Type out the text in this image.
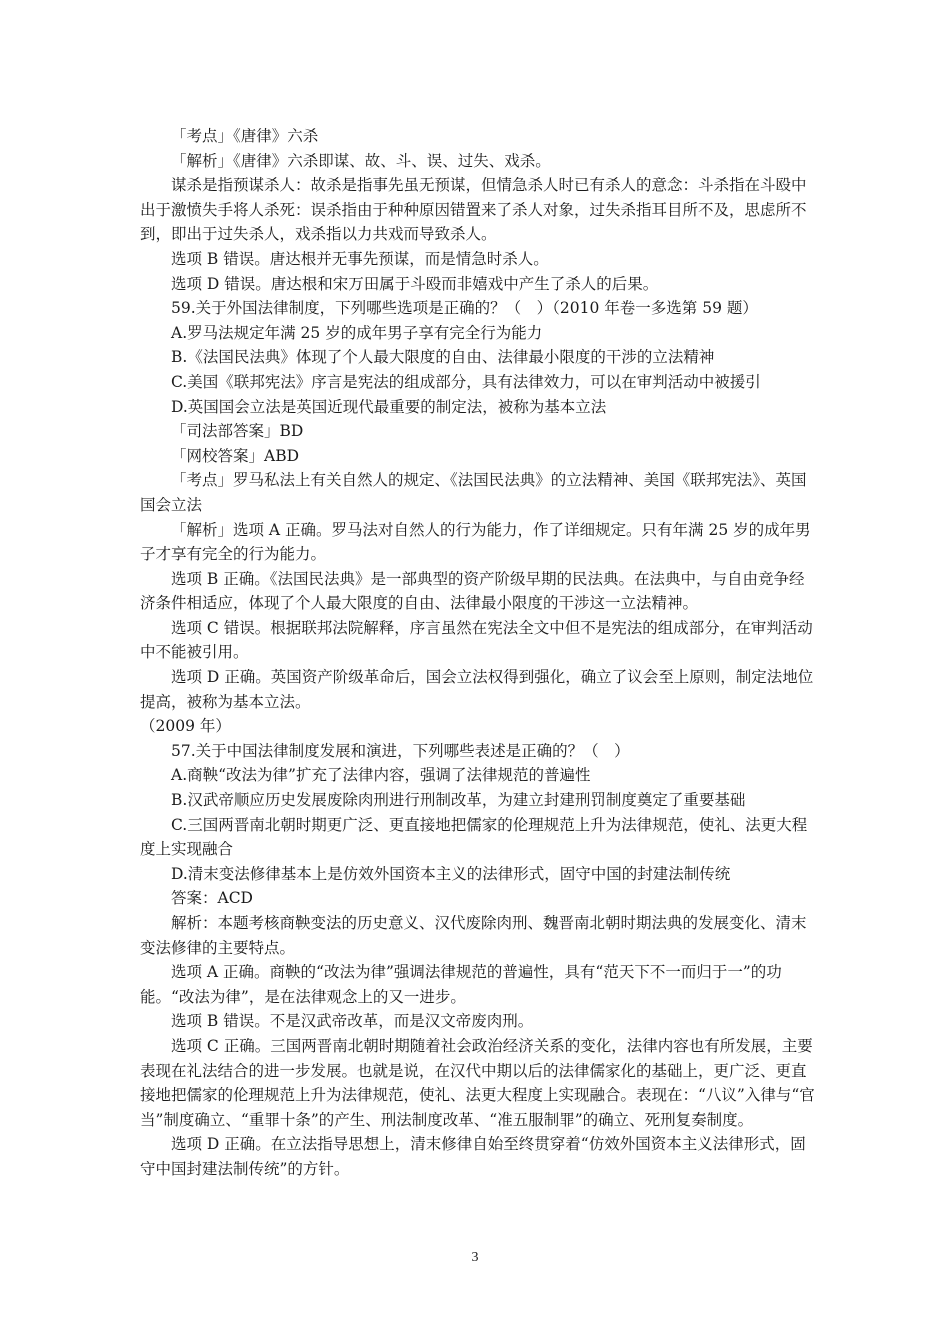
「考点」《唐律》六杀

「解析」《唐律》六杀即谋、故、斗、误、过失、戏杀。

谋杀是指预谋杀人：故杀是指事先虽无预谋，但情急杀人时已有杀人的意念：斗杀指在斗殴中出于激愤失手将人杀死：误杀指由于种种原因错置来了杀人对象，过失杀指耳目所不及，思虑所不到，即出于过失杀人，戏杀指以力共戏而导致杀人。

选项 B 错误。唐达根并无事先预谋，而是情急时杀人。

选项 D 错误。唐达根和宋万田属于斗殴而非嬉戏中产生了杀人的后果。

59.关于外国法律制度，下列哪些选项是正确的？（　）（2010 年卷一多选第 59 题）

A.罗马法规定年满 25 岁的成年男子享有完全行为能力

B.《法国民法典》体现了个人最大限度的自由、法律最小限度的干涉的立法精神

C.美国《联邦宪法》序言是宪法的组成部分，具有法律效力，可以在审判活动中被援引

D.英国国会立法是英国近现代最重要的制定法，被称为基本立法

「司法部答案」BD

「网校答案」ABD

「考点」罗马私法上有关自然人的规定、《法国民法典》的立法精神、美国《联邦宪法》、英国国会立法

「解析」选项 A 正确。罗马法对自然人的行为能力，作了详细规定。只有年满 25 岁的成年男子才享有完全的行为能力。

选项 B 正确。《法国民法典》是一部典型的资产阶级早期的民法典。在法典中，与自由竞争经济条件相适应，体现了个人最大限度的自由、法律最小限度的干涉这一立法精神。

选项 C 错误。根据联邦法院解释，序言虽然在宪法全文中但不是宪法的组成部分，在审判活动中不能被引用。

选项 D 正确。英国资产阶级革命后，国会立法权得到强化，确立了议会至上原则，制定法地位提高，被称为基本立法。

（2009 年）

57.关于中国法律制度发展和演进，下列哪些表述是正确的？（　）

A.商鞅“改法为律”扩充了法律内容，强调了法律规范的普遍性

B.汉武帝顺应历史发展废除肉刑进行刑制改革，为建立封建刑罚制度奠定了重要基础

C.三国两晋南北朝时期更广泛、更直接地把儒家的伦理规范上升为法律规范，使礼、法更大程度上实现融合

D.清末变法修律基本上是仿效外国资本主义的法律形式，固守中国的封建法制传统

答案：ACD

解析：本题考核商鞅变法的历史意义、汉代废除肉刑、魏晋南北朝时期法典的发展变化、清末变法修律的主要特点。

选项 A 正确。商鞅的“改法为律”强调法律规范的普遍性，具有“范天下不一而归于一”的功能。“改法为律”，是在法律观念上的又一进步。

选项 B 错误。不是汉武帝改革，而是汉文帝废肉刑。

选项 C 正确。三国两晋南北朝时期随着社会政治经济关系的变化，法律内容也有所发展，主要表现在礼法结合的进一步发展。也就是说，在汉代中期以后的法律儒家化的基础上，更广泛、更直接地把儒家的伦理规范上升为法律规范，使礼、法更大程度上实现融合。表现在：“八议”入律与“官当”制度确立、“重罪十条”的产生、刑法制度改革、“准五服制罪”的确立、死刑复奏制度。

选项 D 正确。在立法指导思想上，清末修律自始至终贯穿着“仿效外国资本主义法律形式，固守中国封建法制传统”的方针。

3
